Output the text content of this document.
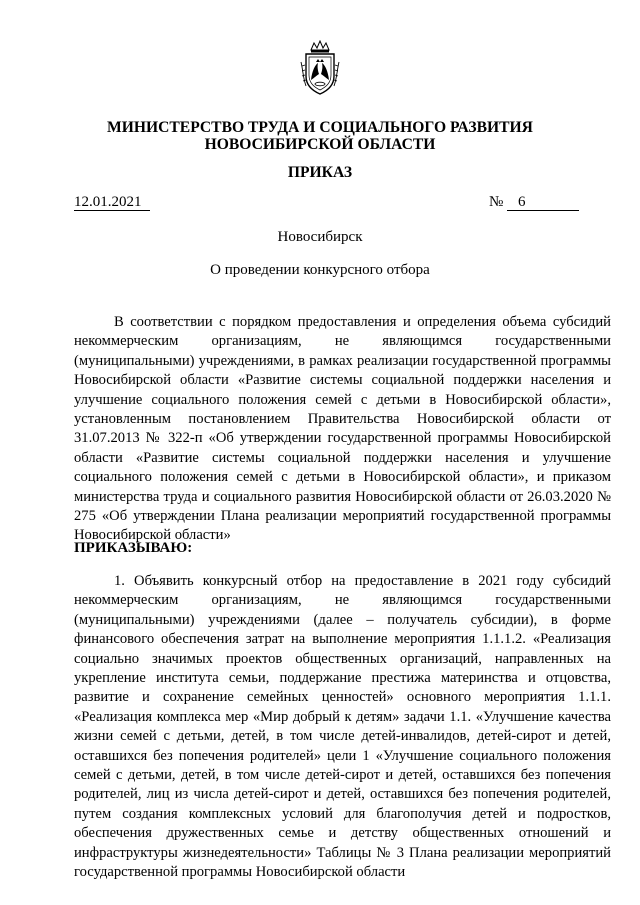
МИНИСТЕРСТВО ТРУДА И СОЦИАЛЬНОГО РАЗВИТИЯ
НОВОСИБИРСКОЙ ОБЛАСТИ
ПРИКАЗ
12.01.2021	№ 6
Новосибирск
О проведении конкурсного отбора

В соответствии с порядком предоставления и определения объема субсидий некоммерческим организациям, не являющимся государственными (муниципальными) учреждениями, в рамках реализации государственной программы Новосибирской области «Развитие системы социальной поддержки населения и улучшение социального положения семей с детьми в Новосибирской области», установленным постановлением Правительства Новосибирской области от 31.07.2013 № 322-п «Об утверждении государственной программы Новосибирской области «Развитие системы социальной поддержки населения и улучшение социального положения семей с детьми в Новосибирской области», и приказом министерства труда и социального развития Новосибирской области от 26.03.2020 № 275 «Об утверждении Плана реализации мероприятий государственной программы Новосибирской области»

ПРИКАЗЫВАЮ:

1. Объявить конкурсный отбор на предоставление в 2021 году субсидий некоммерческим организациям, не являющимся государственными (муниципальными) учреждениями (далее – получатель субсидии), в форме финансового обеспечения затрат на выполнение мероприятия 1.1.1.2. «Реализация социально значимых проектов общественных организаций, направленных на укрепление института семьи, поддержание престижа материнства и отцовства, развитие и сохранение семейных ценностей» основного мероприятия 1.1.1. «Реализация комплекса мер «Мир добрый к детям» задачи 1.1. «Улучшение качества жизни семей с детьми, детей, в том числе детей-инвалидов, детей-сирот и детей, оставшихся без попечения родителей» цели 1 «Улучшение социального положения семей с детьми, детей, в том числе детей-сирот и детей, оставшихся без попечения родителей, лиц из числа детей-сирот и детей, оставшихся без попечения родителей, путем создания комплексных условий для благополучия детей и подростков, обеспечения дружественных семье и детству общественных отношений и инфраструктуры жизнедеятельности» Таблицы № 3 Плана реализации мероприятий государственной программы Новосибирской области
